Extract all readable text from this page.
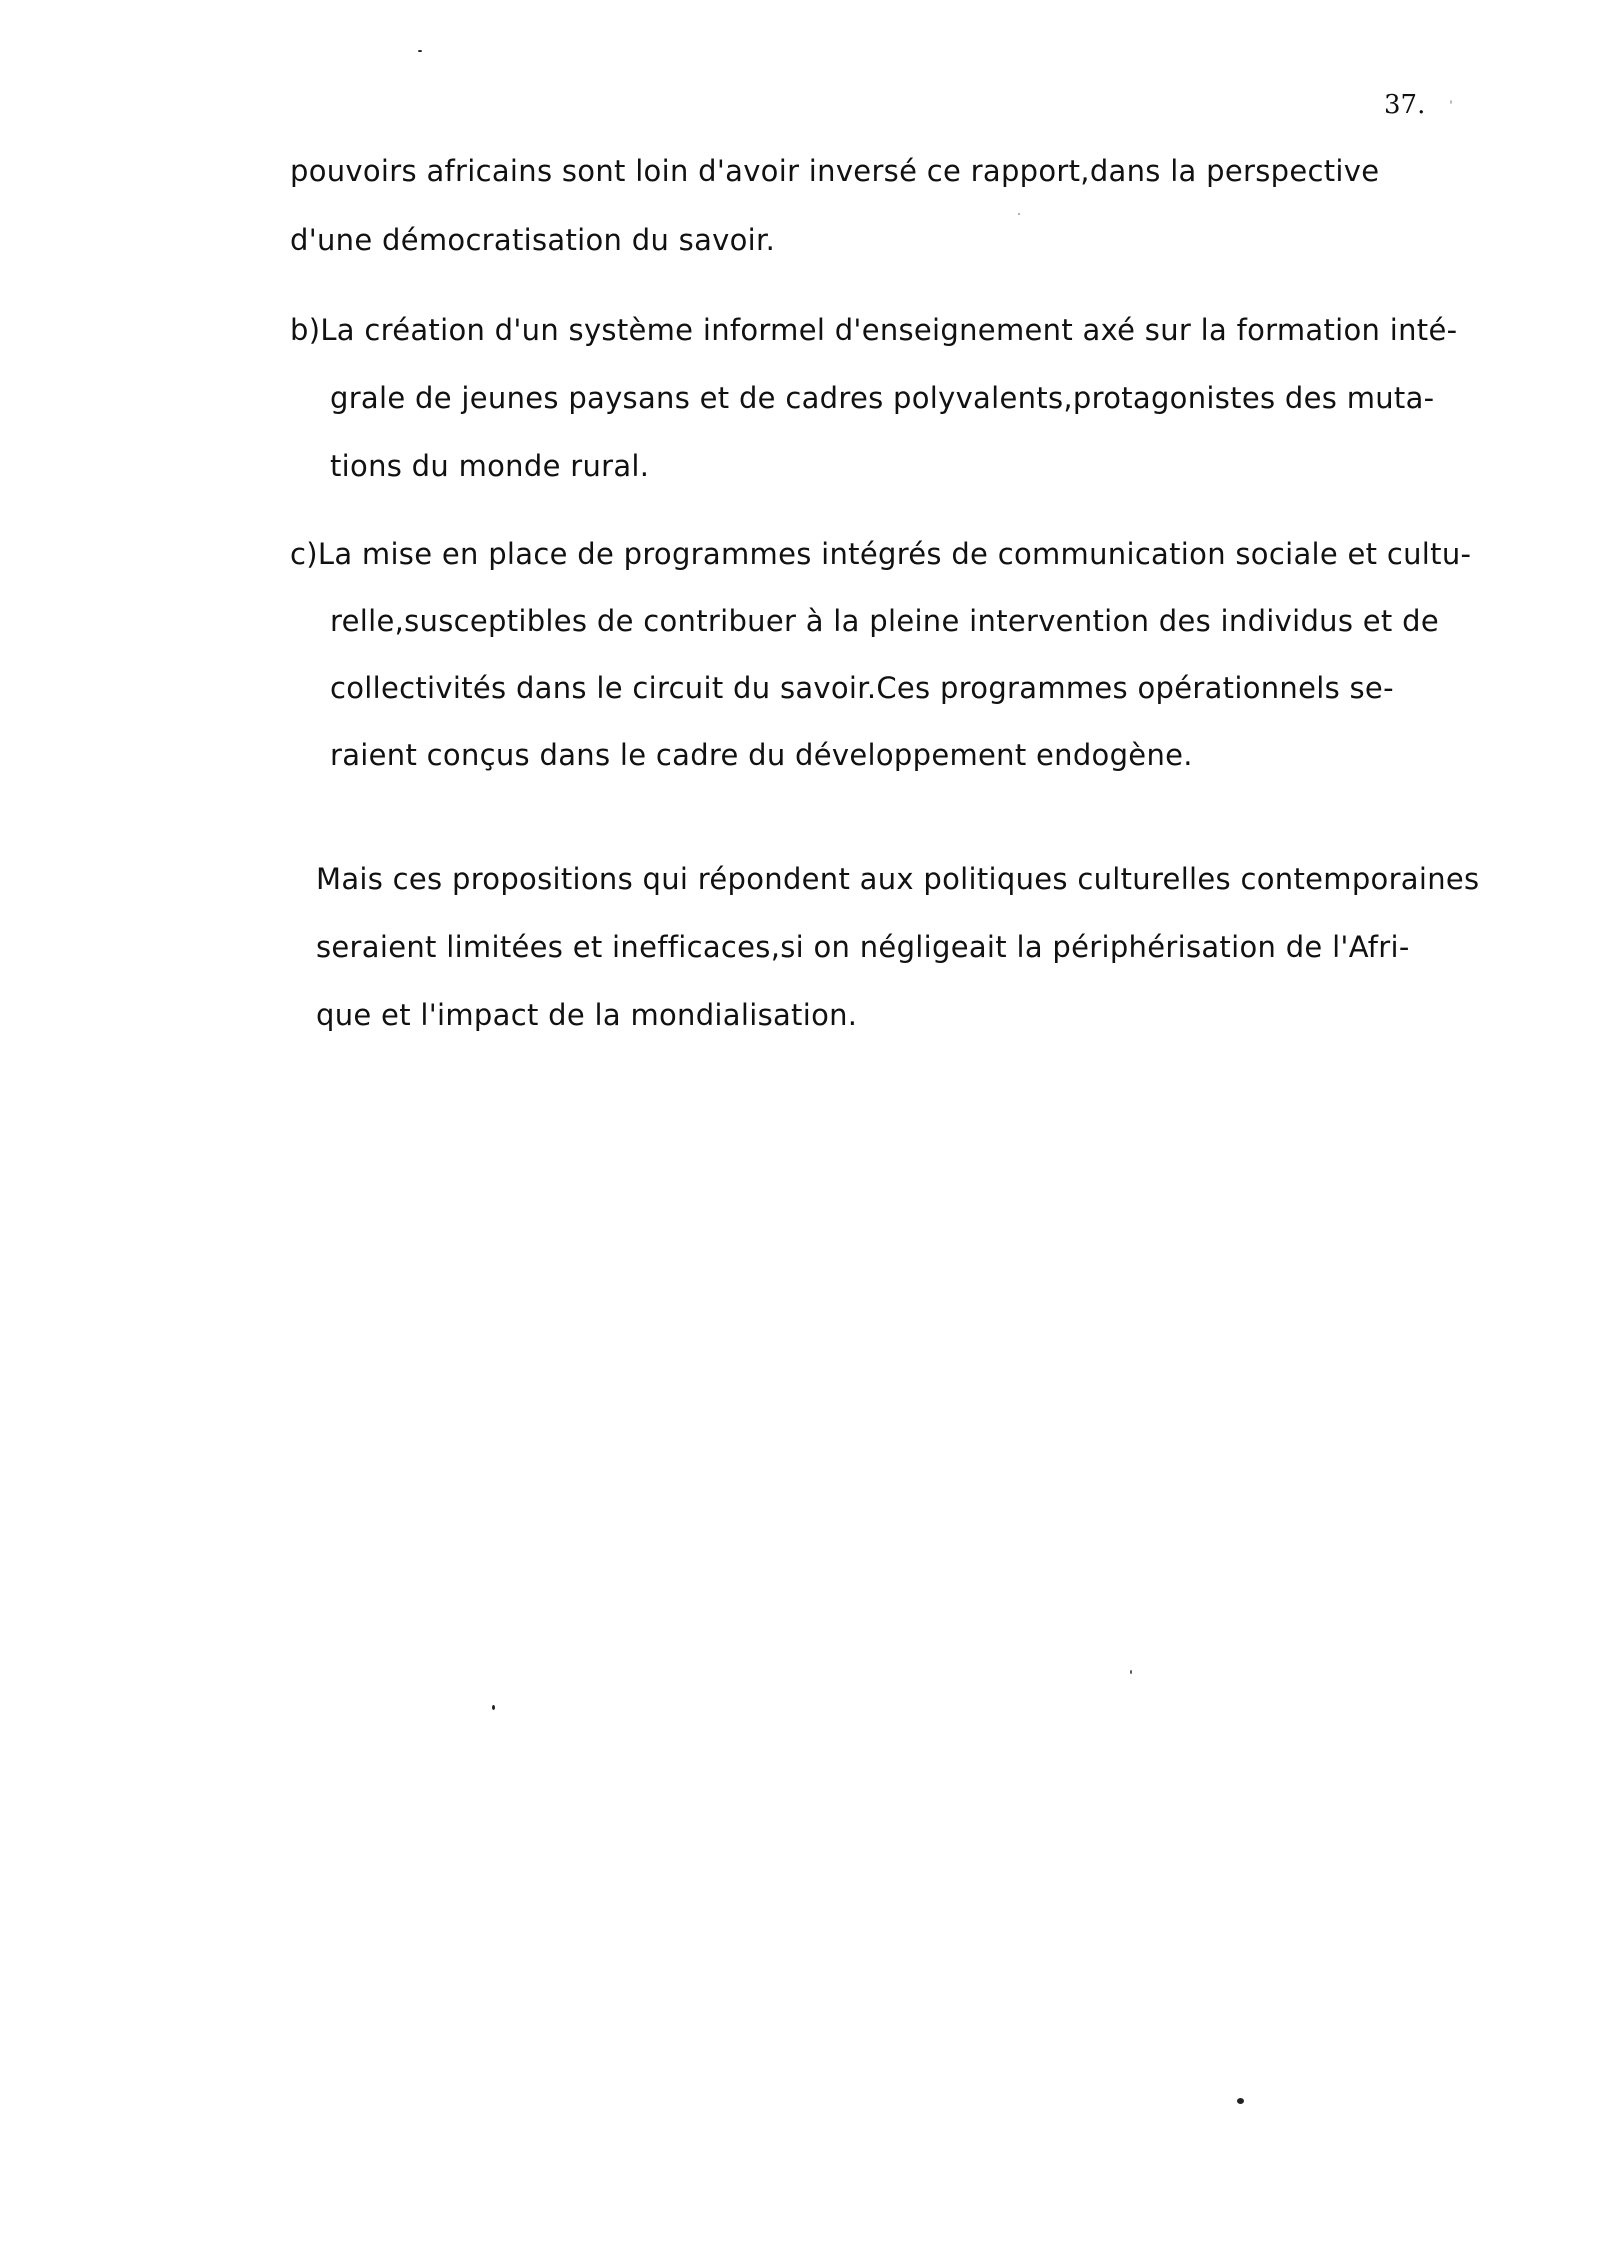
37.
pouvoirs africains sont loin d'avoir inversé ce rapport,dans la perspective
d'une démocratisation du savoir.
b)La création d'un système informel d'enseignement axé sur la formation inté-
grale de jeunes paysans et de cadres polyvalents,protagonistes des muta-
tions du monde rural.
c)La mise en place de programmes intégrés de communication sociale et cultu-
relle,susceptibles de contribuer à la pleine intervention des individus et de
collectivités dans le circuit du savoir.Ces programmes opérationnels se-
raient conçus dans le cadre du développement endogène.
Mais ces propositions qui répondent aux politiques culturelles contemporaines
seraient limitées et inefficaces,si on négligeait la périphérisation de l'Afri-
que et l'impact de la mondialisation.
